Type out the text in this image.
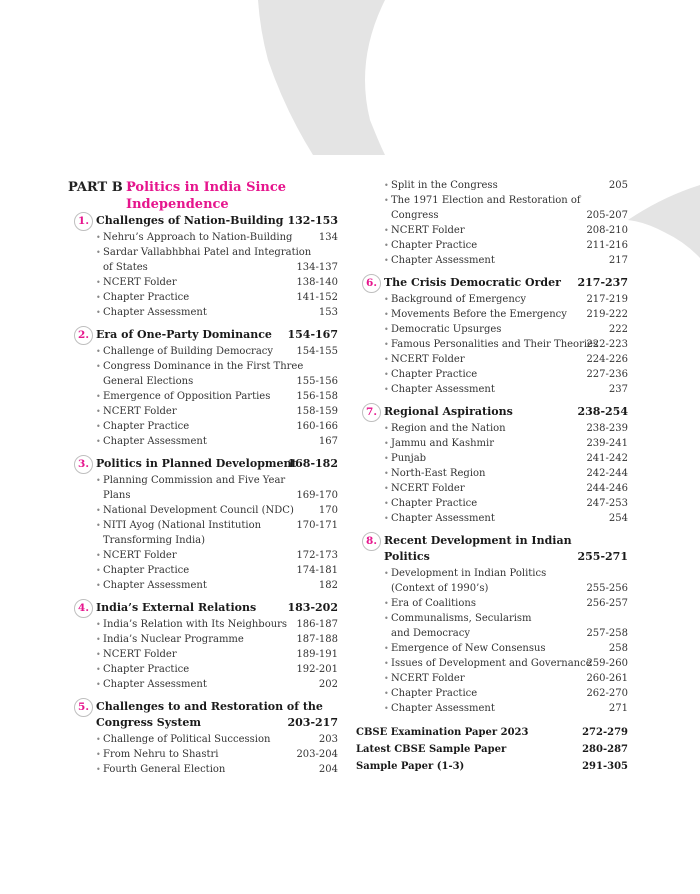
PART B :
Politics in India Since
Independence
1. Challenges of Nation-Building 132-153
• Nehru’s Approach to Nation-Building	134
• Sardar Vallabhbhai Patel and Integration
of States	134-137
• NCERT Folder	138-140
• Chapter Practice	141-152
• Chapter Assessment	153
2. Era of One-Party Dominance 154-167
• Challenge of Building Democracy 154-155
• Congress Dominance in the First Three
General Elections	155-156
• Emergence of Opposition Parties	156-158
• NCERT Folder	158-159
• Chapter Practice	160-166
• Chapter Assessment	167
3. Politics in Planned Development
168-182
• Planning Commission and Five Year
Plans	169-170
• National Development Council (NDC)	170
• NITI Ayog (National Institution
Transforming India)
170-171
• NCERT Folder	172-173
• Chapter Practice	174-181
• Chapter Assessment	182
4. India’s External Relations	183-202
• India’s Relation with Its Neighbours 186-187
• India’s Nuclear Programme	187-188
• NCERT Folder	189-191
• Chapter Practice	192-201
• Chapter Assessment	202
5. Challenges to and Restoration of the
Congress System	203-217
• Challenge of Political Succession	203
• From Nehru to Shastri	203-204
• Fourth General Election	204
• Split in the Congress	205
• The 1971 Election and Restoration of
Congress	205-207
• NCERT Folder	208-210
• Chapter Practice	211-216
• Chapter Assessment	217
6. The Crisis Democratic Order 217-237
• Background of Emergency	217-219
• Movements Before the Emergency 219-222
• Democratic Upsurges	222
• Famous Personalities and Their Theories
222-223
• NCERT Folder	224-226
• Chapter Practice	227-236
• Chapter Assessment	237
7. Regional Aspirations	238-254
• Region and the Nation	238-239
• Jammu and Kashmir	239-241
• Punjab	241-242
• North-East Region	242-244
• NCERT Folder	244-246
• Chapter Practice	247-253
• Chapter Assessment	254
8. Recent Development in Indian
Politics	255-271
• Development in Indian Politics
(Context of 1990’s)	255-256
• Era of Coalitions	256-257
• Communalisms, Secularism
and Democracy	257-258
• Emergence of New Consensus	258
• Issues of Development and Governance
259-260
• NCERT Folder	260-261
• Chapter Practice	262-270
• Chapter Assessment	271
CBSE Examination Paper 2023	272-279
Latest CBSE Sample Paper	280-287
Sample Paper (1-3)	291-305
